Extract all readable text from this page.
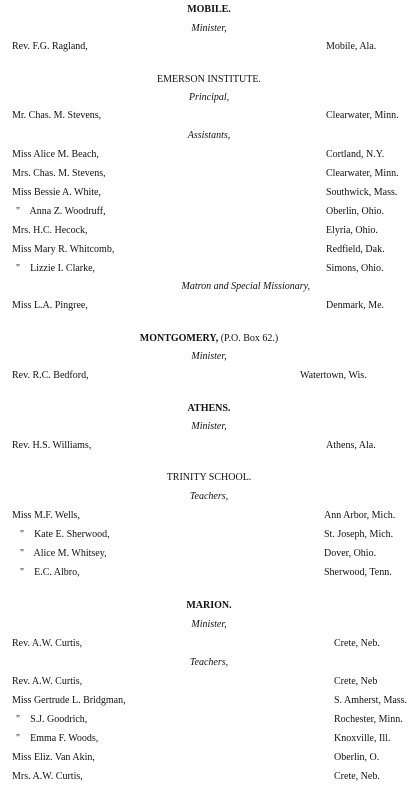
MOBILE.
Minister,
Rev. F.G. Ragland,	Mobile, Ala.
EMERSON INSTITUTE.
Principal,
Mr. Chas. M. Stevens,	Clearwater, Minn.
Assistants,
Miss Alice M. Beach,	Cortland, N.Y.
Mrs. Chas. M. Stevens,	Clearwater, Minn.
Miss Bessie A. White,	Southwick, Mass.
"    Anna Z. Woodruff,	Oberlin, Ohio.
Mrs. H.C. Hecock,	Elyria, Ohio.
Miss Mary R. Whitcomb,	Redfield, Dak.
"    Lizzie I. Clarke,	Simons, Ohio.
Matron and Special Missionary,
Miss L.A. Pingree,	Denmark, Me.
MONTGOMERY, (P.O. Box 62.)
Minister,
Rev. R.C. Bedford,	Watertown, Wis.
ATHENS.
Minister,
Rev. H.S. Williams,	Athens, Ala.
TRINITY SCHOOL.
Teachers,
Miss M.F. Wells,	Ann Arbor, Mich.
"    Kate E. Sherwood,	St. Joseph, Mich.
"    Alice M. Whitsey,	Dover, Ohio.
"    E.C. Albro,	Sherwood, Tenn.
MARION.
Minister,
Rev. A.W. Curtis,	Crete, Neb.
Teachers,
Rev. A.W. Curtis,	Crete, Neb
Miss Gertrude L. Bridgman,	S. Amherst, Mass.
"    S.J. Goodrich,	Rochester, Minn.
"    Emma F. Woods,	Knoxville, Ill.
Miss Eliz. Van Akin,	Oberlin, O.
Mrs. A.W. Curtis,	Crete, Neb.
